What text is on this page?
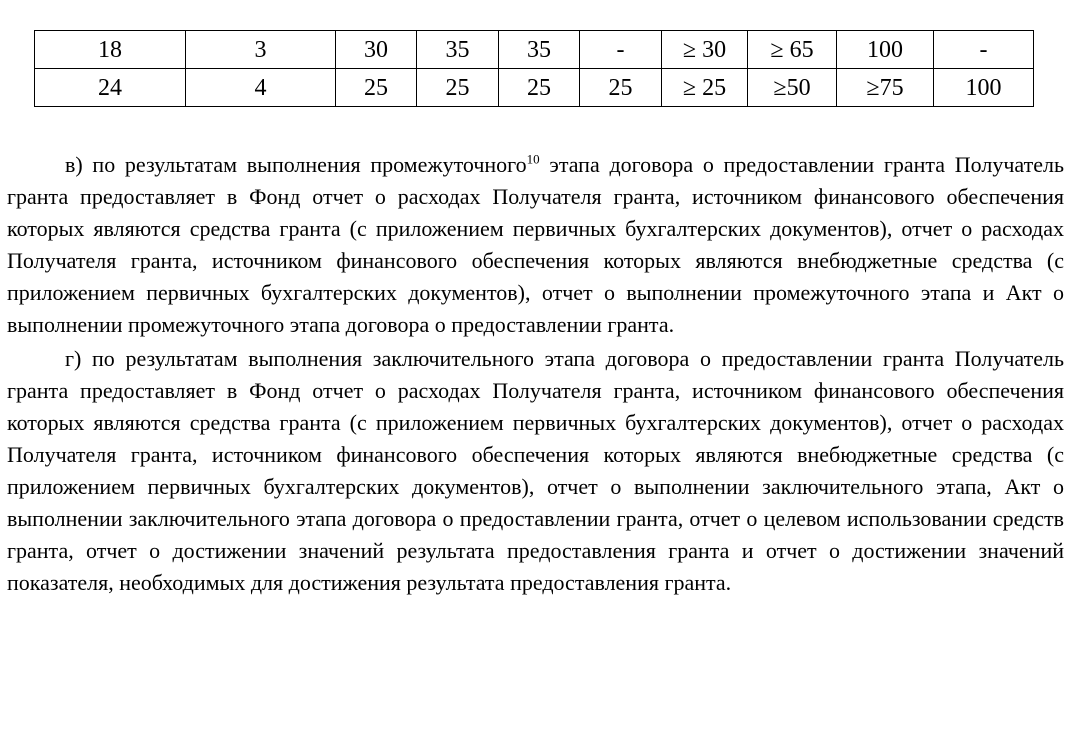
18	3	30	35	35	-	≥ 30	≥ 65	100	-
24	4	25	25	25	25	≥ 25	≥50	≥75	100

в) по результатам выполнения промежуточного$^{10}$ этапа договора о предоставлении гранта Получатель гранта предоставляет в Фонд отчет о расходах Получателя гранта, источником финансового обеспечения которых являются средства гранта (с приложением первичных бухгалтерских документов), отчет о расходах Получателя гранта, источником финансового обеспечения которых являются внебюджетные средства (с приложением первичных бухгалтерских документов), отчет о выполнении промежуточного этапа и Акт о выполнении промежуточного этапа договора о предоставлении гранта.

г) по результатам выполнения заключительного этапа договора о предоставлении гранта Получатель гранта предоставляет в Фонд отчет о расходах Получателя гранта, источником финансового обеспечения которых являются средства гранта (с приложением первичных бухгалтерских документов), отчет о расходах Получателя гранта, источником финансового обеспечения которых являются внебюджетные средства (с приложением первичных бухгалтерских документов), отчет о выполнении заключительного этапа, Акт о выполнении заключительного этапа договора о предоставлении гранта, отчет о целевом использовании средств гранта, отчет о достижении значений результата предоставления гранта и отчет о достижении значений показателя, необходимых для достижения результата предоставления гранта.
